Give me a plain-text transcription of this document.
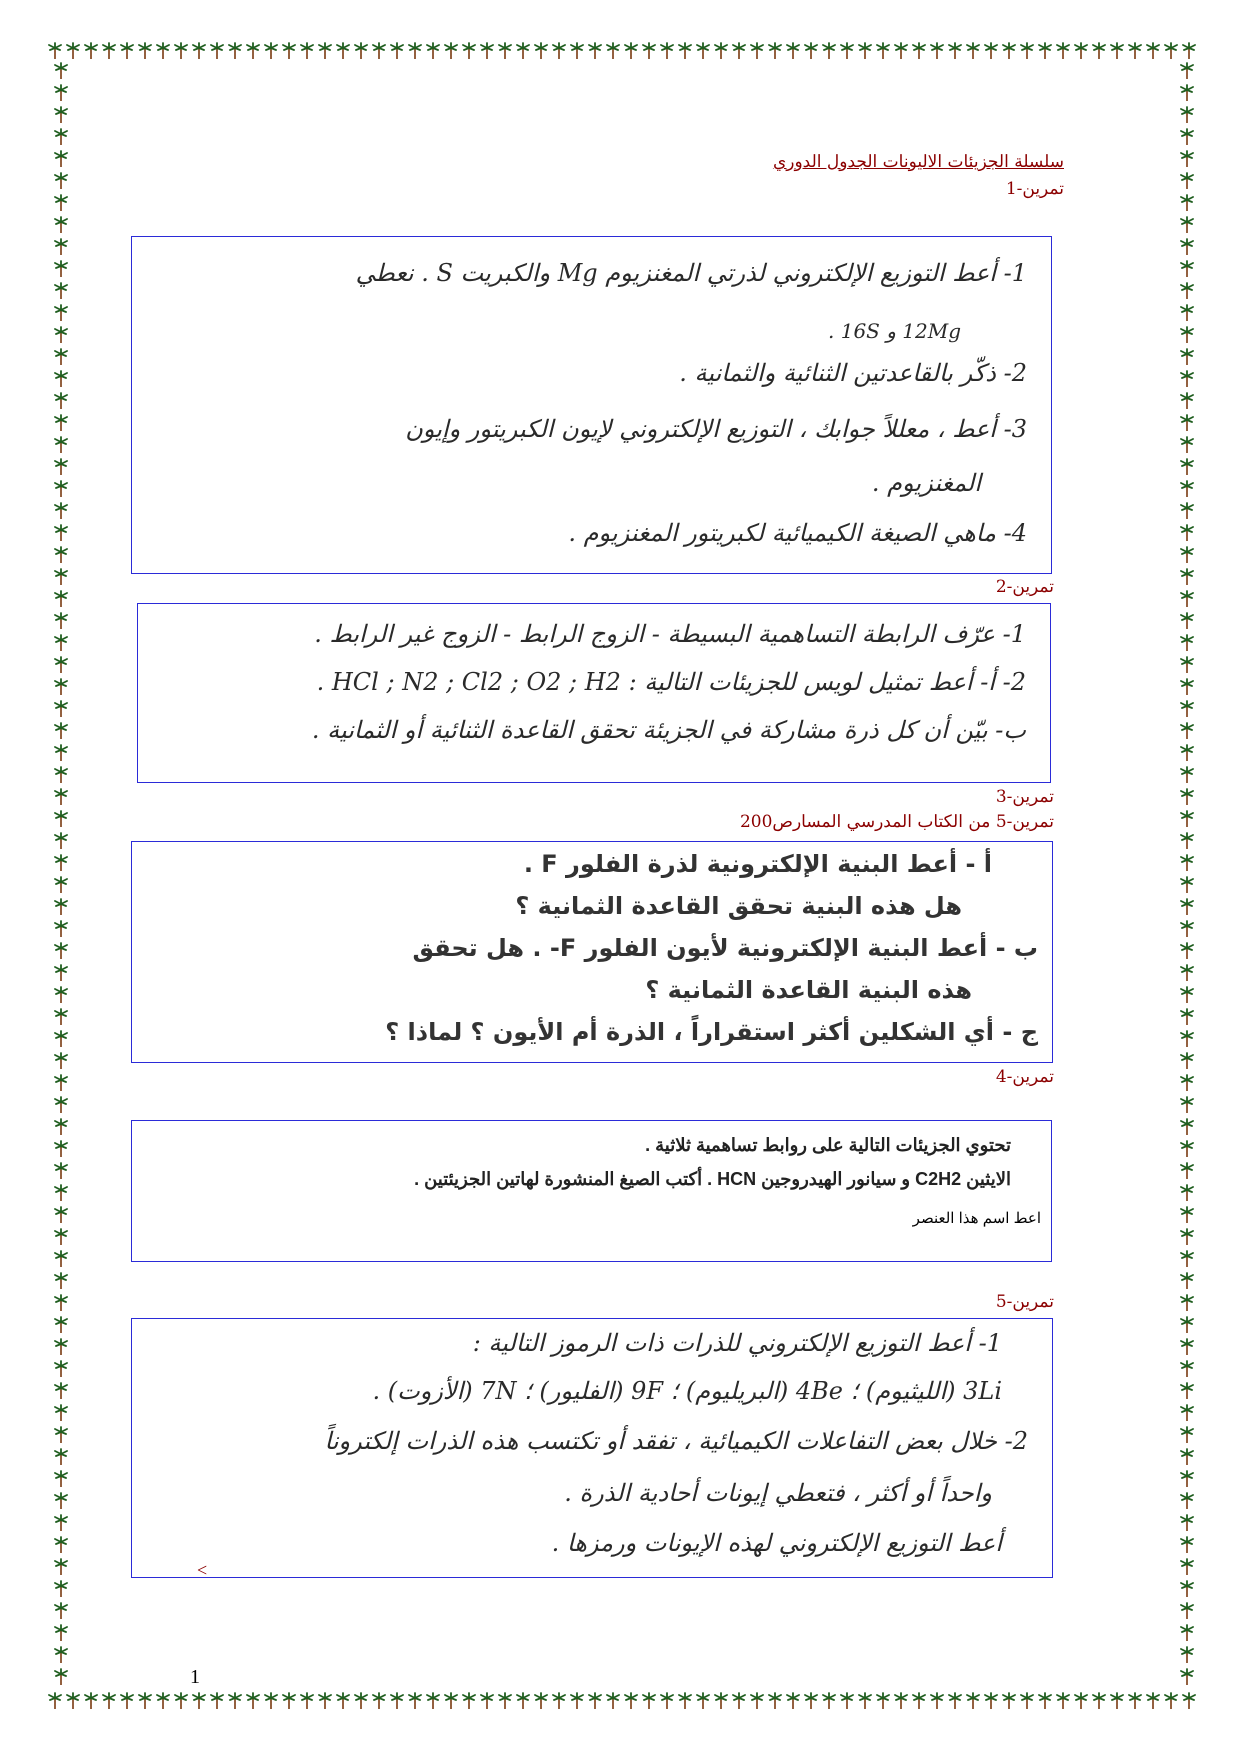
سلسلة الجزيئات الاليونات الجدول الدوري
تمرين-1
1- أعط التوزيع الإلكتروني لذرتي المغنزيوم Mg والكبريت S . نعطي
12Mg و 16S .
2- ذكّر بالقاعدتين الثنائية والثمانية .
3- أعط ، معللاً جوابك ، التوزيع الإلكتروني لإيون الكبريتور وإيون
المغنزيوم .
4- ماهي الصيغة الكيميائية لكبريتور المغنزيوم .
تمرين-2
1- عرّف الرابطة التساهمية البسيطة - الزوج الرابط - الزوج غير الرابط .
2- أ- أعط تمثيل لويس للجزيئات التالية : HCl ; N2 ; Cl2 ; O2 ; H2 .
ب- بيّن أن كل ذرة مشاركة في الجزيئة تحقق القاعدة الثنائية أو الثمانية .
تمرين-3
تمرين-5 من الكتاب المدرسي المسارص200
أ - أعط البنية الإلكترونية لذرة الفلور F .
هل هذه البنية تحقق القاعدة الثمانية ؟
ب - أعط البنية الإلكترونية لأيون الفلور F- . هل تحقق
هذه البنية القاعدة الثمانية ؟
ج - أي الشكلين أكثر استقراراً ، الذرة أم الأيون ؟ لماذا ؟
تمرين-4
تحتوي الجزيئات التالية على روابط تساهمية ثلاثية .
الايثين C2H2 و سيانور الهيدروجين HCN . أكتب الصيغ المنشورة لهاتين الجزيئتين .
اعط اسم هذا العنصر
تمرين-5
1- أعط التوزيع الإلكتروني للذرات ذات الرموز التالية :
3Li (الليثيوم) ؛ 4Be (البريليوم) ؛ 9F (الفليور) ؛ 7N (الأزوت) .
2- خلال بعض التفاعلات الكيميائية ، تفقد أو تكتسب هذه الذرات إلكتروناً
واحداً أو أكثر ، فتعطي إيونات أحادية الذرة .
أعط التوزيع الإلكتروني لهذه الإيونات ورمزها .
<
1
